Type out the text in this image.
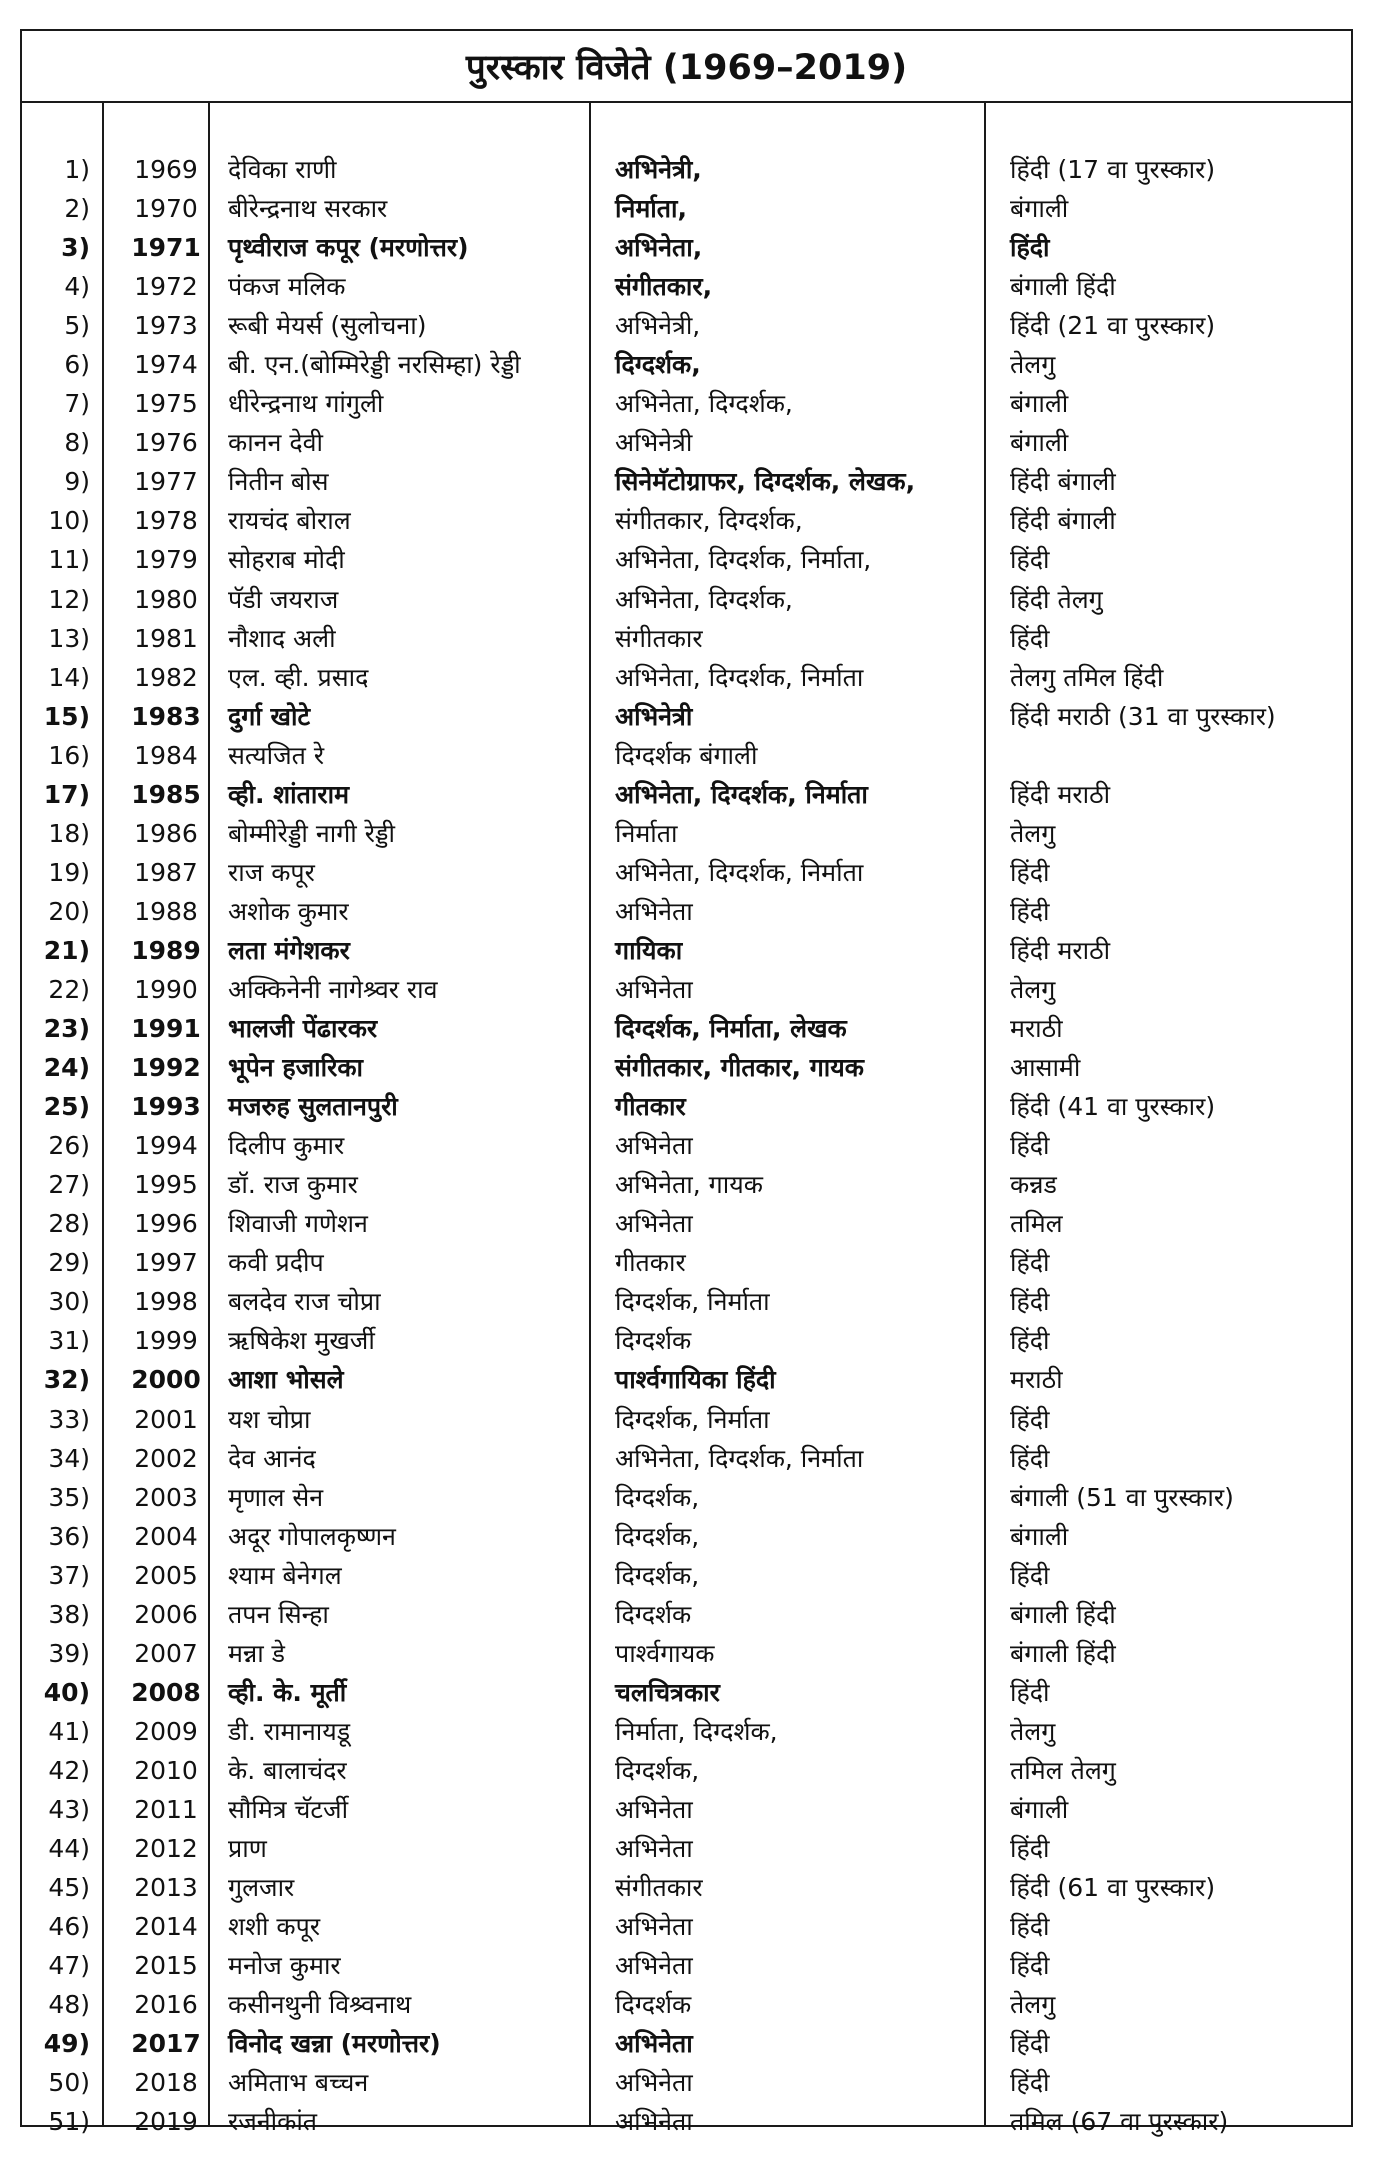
पुरस्कार विजेते (1969–2019)
1)	1969	देविका राणी	अभिनेत्री,	हिंदी (17 वा पुरस्कार)
2)	1970	बीरेन्द्रनाथ सरकार	निर्माता,	बंगाली
3)	1971	पृथ्वीराज कपूर (मरणोत्तर)	अभिनेता,	हिंदी
4)	1972	पंकज मलिक	संगीतकार,	बंगाली हिंदी
5)	1973	रूबी मेयर्स (सुलोचना)	अभिनेत्री,	हिंदी (21 वा पुरस्कार)
6)	1974	बी. एन.(बोम्मिरेड्डी नरसिम्हा) रेड्डी	दिग्दर्शक,	तेलगु
7)	1975	धीरेन्द्रनाथ गांगुली	अभिनेता, दिग्दर्शक,	बंगाली
8)	1976	कानन देवी	अभिनेत्री	बंगाली
9)	1977	नितीन बोस	सिनेमॅटोग्राफर, दिग्दर्शक, लेखक,	हिंदी बंगाली
10)	1978	रायचंद बोराल	संगीतकार, दिग्दर्शक,	हिंदी बंगाली
11)	1979	सोहराब मोदी	अभिनेता, दिग्दर्शक, निर्माता,	हिंदी
12)	1980	पॅडी जयराज	अभिनेता, दिग्दर्शक,	हिंदी तेलगु
13)	1981	नौशाद अली	संगीतकार	हिंदी
14)	1982	एल. व्ही. प्रसाद	अभिनेता, दिग्दर्शक, निर्माता	तेलगु तमिल हिंदी
15)	1983	दुर्गा खोटे	अभिनेत्री	हिंदी मराठी (31 वा पुरस्कार)
16)	1984	सत्यजित रे	दिग्दर्शक बंगाली
17)	1985	व्ही. शांताराम	अभिनेता, दिग्दर्शक, निर्माता	हिंदी मराठी
18)	1986	बोम्मीरेड्डी नागी रेड्डी	निर्माता	तेलगु
19)	1987	राज कपूर	अभिनेता, दिग्दर्शक, निर्माता	हिंदी
20)	1988	अशोक कुमार	अभिनेता	हिंदी
21)	1989	लता मंगेशकर	गायिका	हिंदी मराठी
22)	1990	अक्किनेनी नागेश्र्वर राव	अभिनेता	तेलगु
23)	1991	भालजी पेंढारकर	दिग्दर्शक, निर्माता, लेखक	मराठी
24)	1992	भूपेन हजारिका	संगीतकार, गीतकार, गायक	आसामी
25)	1993	मजरुह सुलतानपुरी	गीतकार	हिंदी (41 वा पुरस्कार)
26)	1994	दिलीप कुमार	अभिनेता	हिंदी
27)	1995	डॉ. राज कुमार	अभिनेता, गायक	कन्नड
28)	1996	शिवाजी गणेशन	अभिनेता	तमिल
29)	1997	कवी प्रदीप	गीतकार	हिंदी
30)	1998	बलदेव राज चोप्रा	दिग्दर्शक, निर्माता	हिंदी
31)	1999	ऋषिकेश मुखर्जी	दिग्दर्शक	हिंदी
32)	2000	आशा भोसले	पार्श्वगायिका हिंदी	मराठी
33)	2001	यश चोप्रा	दिग्दर्शक, निर्माता	हिंदी
34)	2002	देव आनंद	अभिनेता, दिग्दर्शक, निर्माता	हिंदी
35)	2003	मृणाल सेन	दिग्दर्शक,	बंगाली (51 वा पुरस्कार)
36)	2004	अदूर गोपालकृष्णन	दिग्दर्शक,	बंगाली
37)	2005	श्याम बेनेगल	दिग्दर्शक,	हिंदी
38)	2006	तपन सिन्हा	दिग्दर्शक	बंगाली हिंदी
39)	2007	मन्ना डे	पार्श्वगायक	बंगाली हिंदी
40)	2008	व्ही. के. मूर्ती	चलचित्रकार	हिंदी
41)	2009	डी. रामानायडू	निर्माता, दिग्दर्शक,	तेलगु
42)	2010	के. बालाचंदर	दिग्दर्शक,	तमिल तेलगु
43)	2011	सौमित्र चॅटर्जी	अभिनेता	बंगाली
44)	2012	प्राण	अभिनेता	हिंदी
45)	2013	गुलजार	संगीतकार	हिंदी (61 वा पुरस्कार)
46)	2014	शशी कपूर	अभिनेता	हिंदी
47)	2015	मनोज कुमार	अभिनेता	हिंदी
48)	2016	कसीनथुनी विश्र्वनाथ	दिग्दर्शक	तेलगु
49)	2017	विनोद खन्ना (मरणोत्तर)	अभिनेता	हिंदी
50)	2018	अमिताभ बच्चन	अभिनेता	हिंदी
51)	2019	रजनीकांत	अभिनेता	तमिल (67 वा पुरस्कार)
